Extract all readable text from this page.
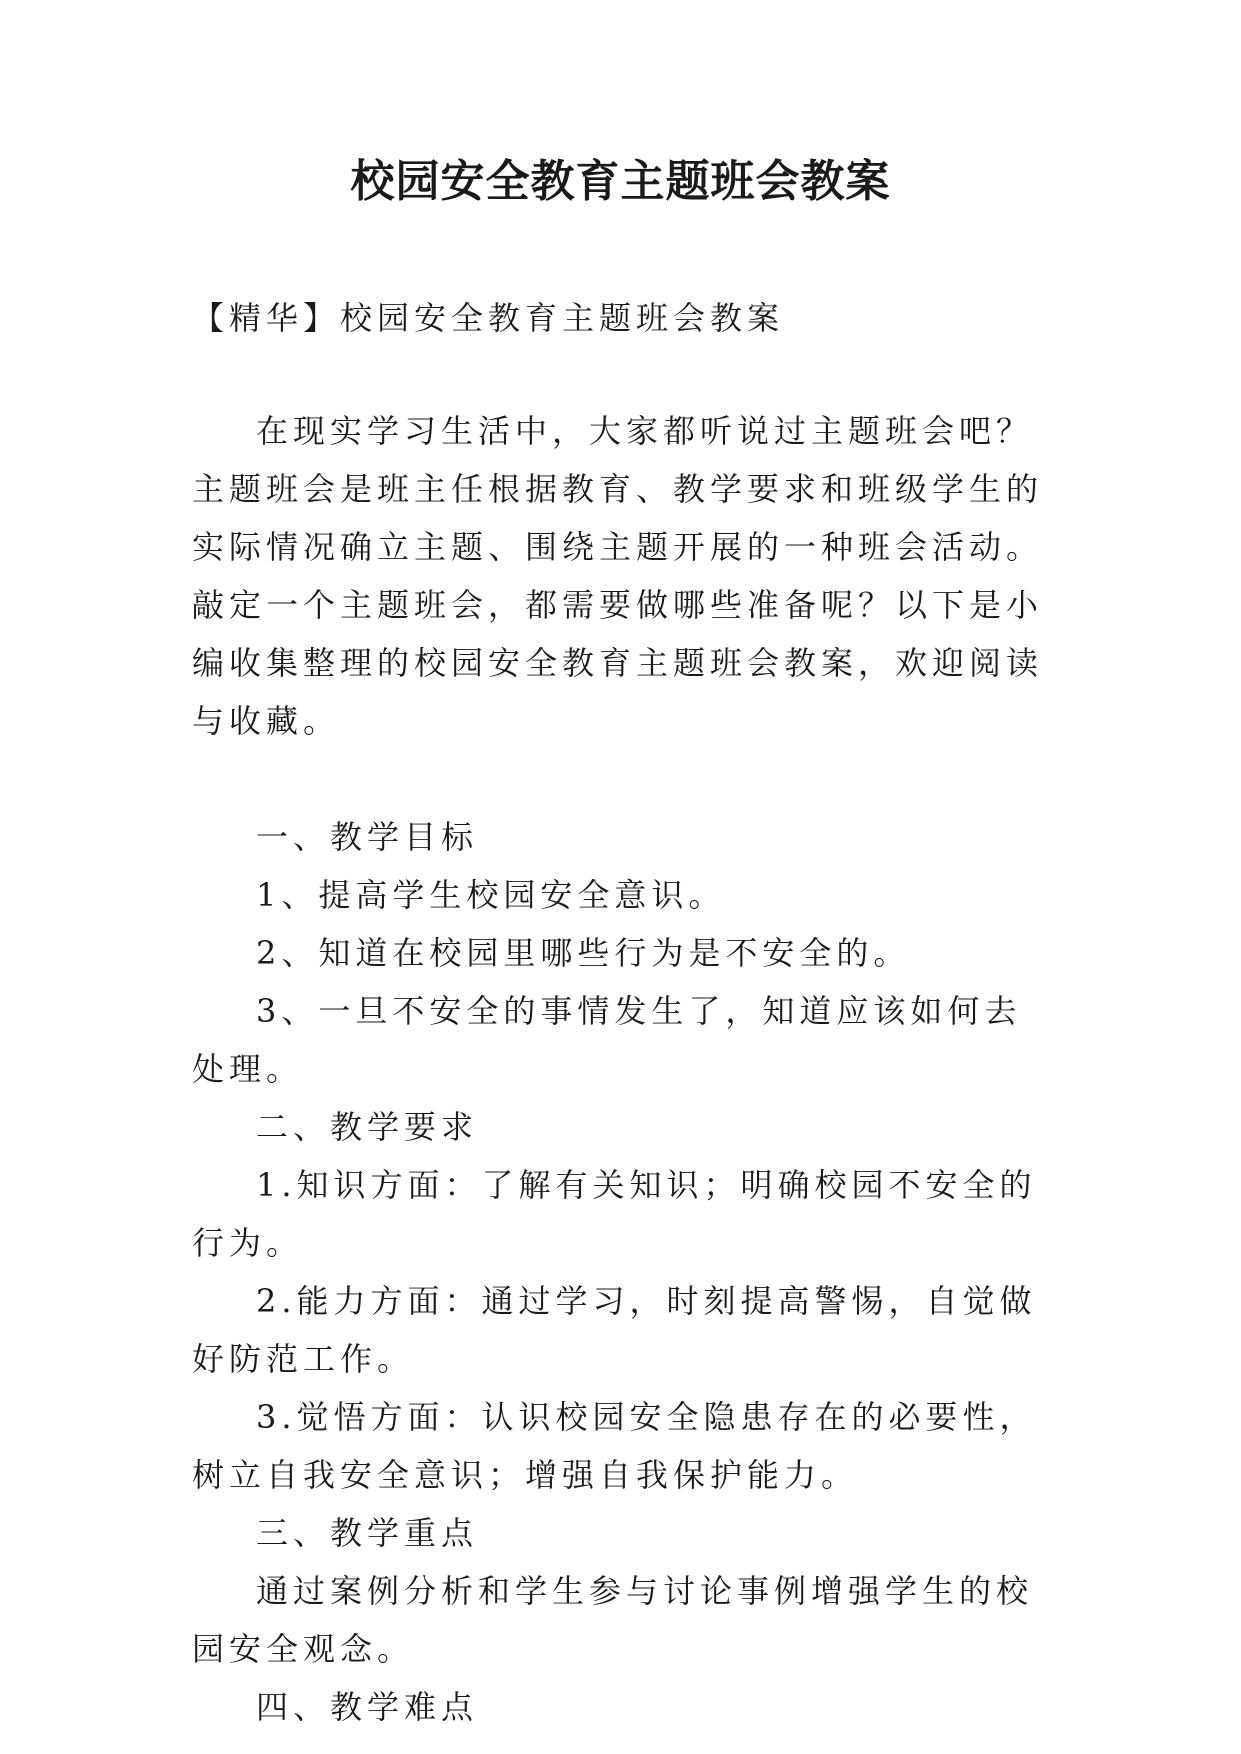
校园安全教育主题班会教案

【精华】校园安全教育主题班会教案

在现实学习生活中，大家都听说过主题班会吧？主题班会是班主任根据教育、教学要求和班级学生的实际情况确立主题、围绕主题开展的一种班会活动。敲定一个主题班会，都需要做哪些准备呢？以下是小编收集整理的校园安全教育主题班会教案，欢迎阅读与收藏。

一、教学目标

1、提高学生校园安全意识。

2、知道在校园里哪些行为是不安全的。

3、一旦不安全的事情发生了，知道应该如何去处理。

二、教学要求

1.知识方面：了解有关知识；明确校园不安全的行为。

2.能力方面：通过学习，时刻提高警惕，自觉做好防范工作。

3.觉悟方面：认识校园安全隐患存在的必要性，树立自我安全意识；增强自我保护能力。

三、教学重点

通过案例分析和学生参与讨论事例增强学生的校园安全观念。

四、教学难点
